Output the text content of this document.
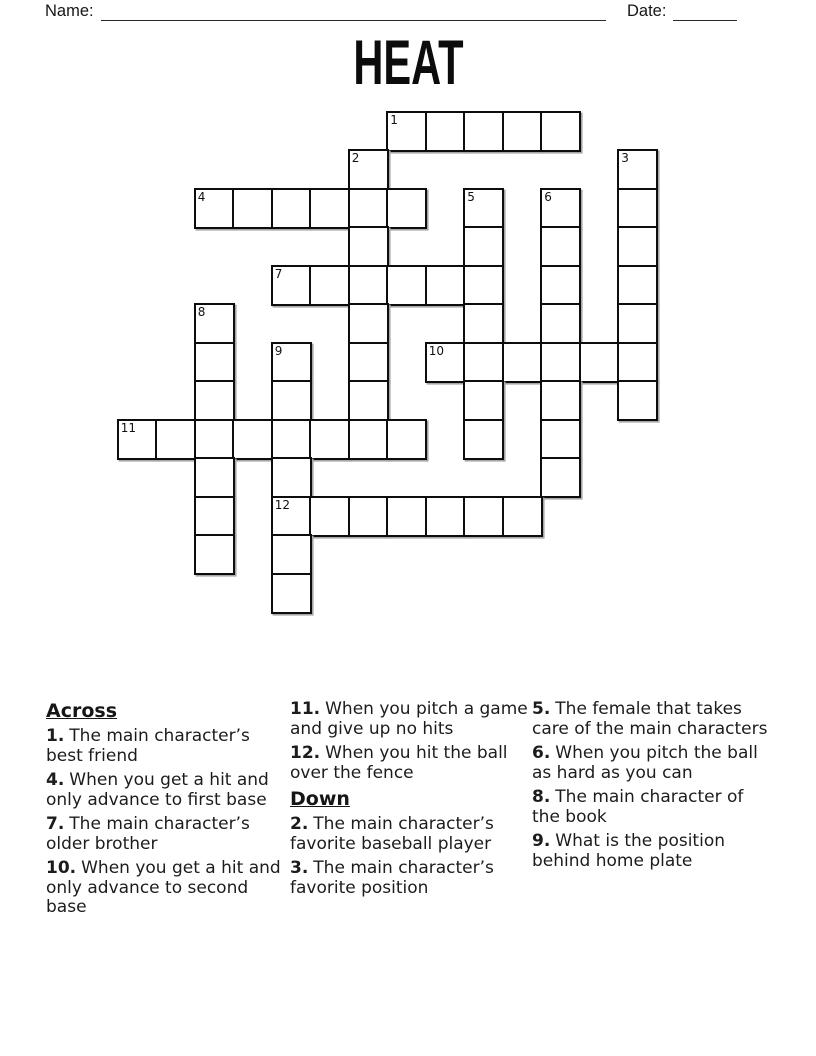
Name:	Date:
HEAT
1
2	3
4	5	6
7
8
9	10
11
12
Across

1. The main character’s best friend

4. When you get a hit and only advance to first base

7. The main character’s older brother

10. When you get a hit and only advance to second base

11. When you pitch a game and give up no hits

12. When you hit the ball over the fence

Down

2. The main character’s favorite baseball player

3. The main character’s favorite position

5. The female that takes care of the main characters

6. When you pitch the ball as hard as you can

8. The main character of the book

9. What is the position behind home plate
